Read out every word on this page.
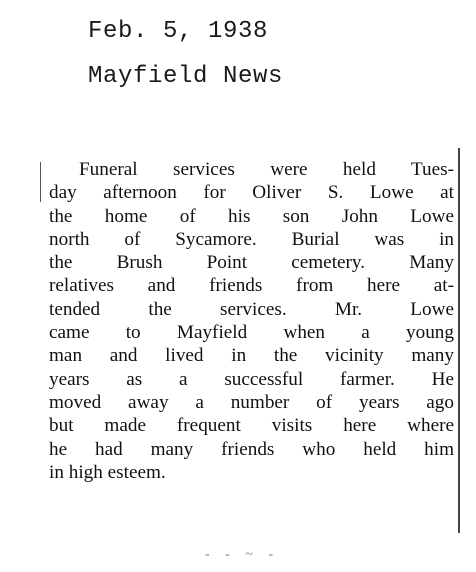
Feb. 5, 1938
Mayfield News
Funeral services were held Tues-
day afternoon for Oliver S. Lowe at
the home of his son John Lowe
north of Sycamore. Burial was in
the Brush Point cemetery. Many
relatives and friends from here at-
tended the services. Mr. Lowe
came to Mayfield when a young
man and lived in the vicinity many
years as a successful farmer. He
moved away a number of years ago
but made frequent visits here where
he had many friends who held him
in high esteem.
- - ~ -
